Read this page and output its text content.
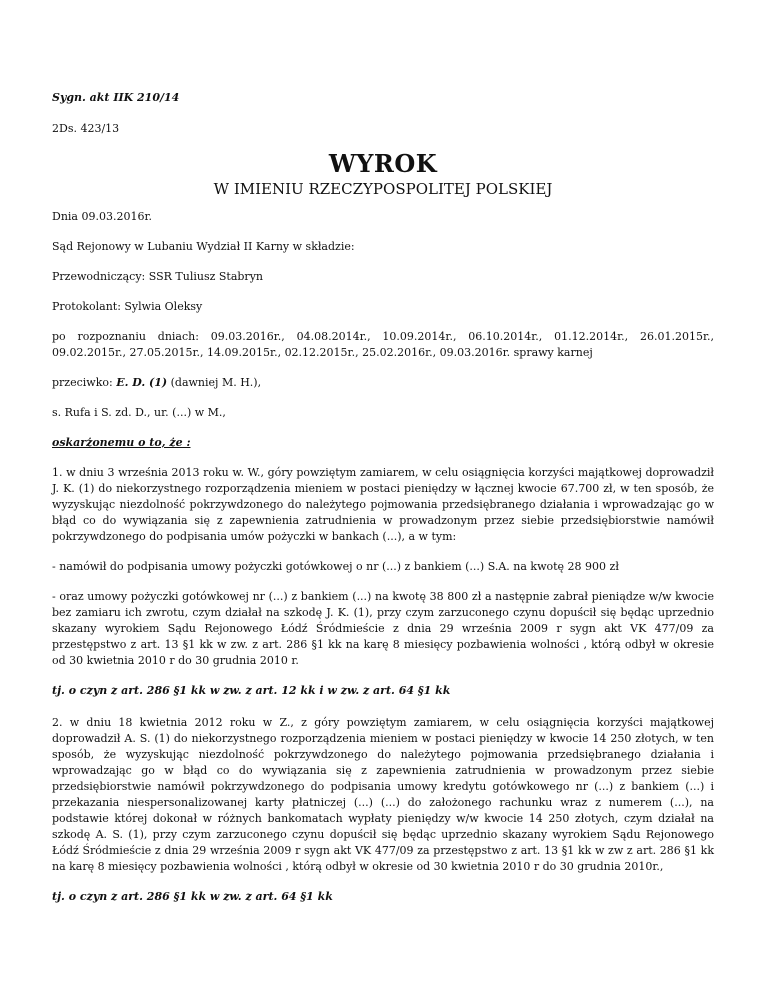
Sygn. akt IIK 210/14

2Ds. 423/13

WYROK

W IMIENIU RZECZYPOSPOLITEJ POLSKIEJ

Dnia 09.03.2016r.

Sąd Rejonowy w Lubaniu Wydział II Karny w składzie:

Przewodniczący: SSR Tuliusz Stabryn

Protokolant: Sylwia Oleksy

po rozpoznaniu dniach: 09.03.2016r., 04.08.2014r., 10.09.2014r., 06.10.2014r., 01.12.2014r., 26.01.2015r., 09.02.2015r., 27.05.2015r., 14.09.2015r., 02.12.2015r., 25.02.2016r., 09.03.2016r. sprawy karnej

przeciwko: E. D. (1) (dawniej M. H.),

s. Rufa i S. zd. D., ur. (...) w M.,

oskarżonemu o to, że :

1. w dniu 3 września 2013 roku w. W., góry powziętym zamiarem, w celu osiągnięcia korzyści majątkowej doprowadził J. K. (1) do niekorzystnego rozporządzenia mieniem w postaci pieniędzy w łącznej kwocie 67.700 zł, w ten sposób, że wyzyskując niezdolność pokrzywdzonego do należytego pojmowania przedsiębranego działania i wprowadzając go w błąd co do wywiązania się z zapewnienia zatrudnienia w prowadzonym przez siebie przedsiębiorstwie namówił pokrzywdzonego do podpisania umów pożyczki w bankach (...), a w tym:

- namówił do podpisania umowy pożyczki gotówkowej o nr (...) z bankiem (...) S.A. na kwotę 28 900 zł

- oraz umowy pożyczki gotówkowej nr (...) z bankiem (...) na kwotę 38 800 zł a następnie zabrał pieniądze w/w kwocie bez zamiaru ich zwrotu, czym działał na szkodę J. K. (1), przy czym zarzuconego czynu dopuścił się będąc uprzednio skazany wyrokiem Sądu Rejonowego Łódź Śródmieście z dnia 29 września 2009 r sygn akt VK 477/09 za przestępstwo z art. 13 §1 kk w zw. z art. 286 §1 kk na karę 8 miesięcy pozbawienia wolności , którą odbył w okresie od 30 kwietnia 2010 r do 30 grudnia 2010 r.

tj. o czyn z art. 286 §1 kk w zw. z art. 12 kk i w zw. z art. 64 §1 kk

2. w dniu 18 kwietnia 2012 roku w Z., z góry powziętym zamiarem, w celu osiągnięcia korzyści majątkowej doprowadził A. S. (1) do niekorzystnego rozporządzenia mieniem w postaci pieniędzy w kwocie 14 250 złotych, w ten sposób, że wyzyskując niezdolność pokrzywdzonego do należytego pojmowania przedsiębranego działania i wprowadzając go w błąd co do wywiązania się z zapewnienia zatrudnienia w prowadzonym przez siebie przedsiębiorstwie namówił pokrzywdzonego do podpisania umowy kredytu gotówkowego nr (...) z bankiem (...) i przekazania niespersonalizowanej karty płatniczej (...) (...) do założonego rachunku wraz z numerem (...), na podstawie której dokonał w różnych bankomatach wypłaty pieniędzy w/w kwocie 14 250 złotych, czym działał na szkodę A. S. (1), przy czym zarzuconego czynu dopuścił się będąc uprzednio skazany wyrokiem Sądu Rejonowego Łódź Śródmieście z dnia 29 września 2009 r sygn akt VK 477/09 za przestępstwo z art. 13 §1 kk w zw z art. 286 §1 kk na karę 8 miesięcy pozbawienia wolności , którą odbył w okresie od 30 kwietnia 2010 r do 30 grudnia 2010r.,

tj. o czyn z art. 286 §1 kk w zw. z art. 64 §1 kk
